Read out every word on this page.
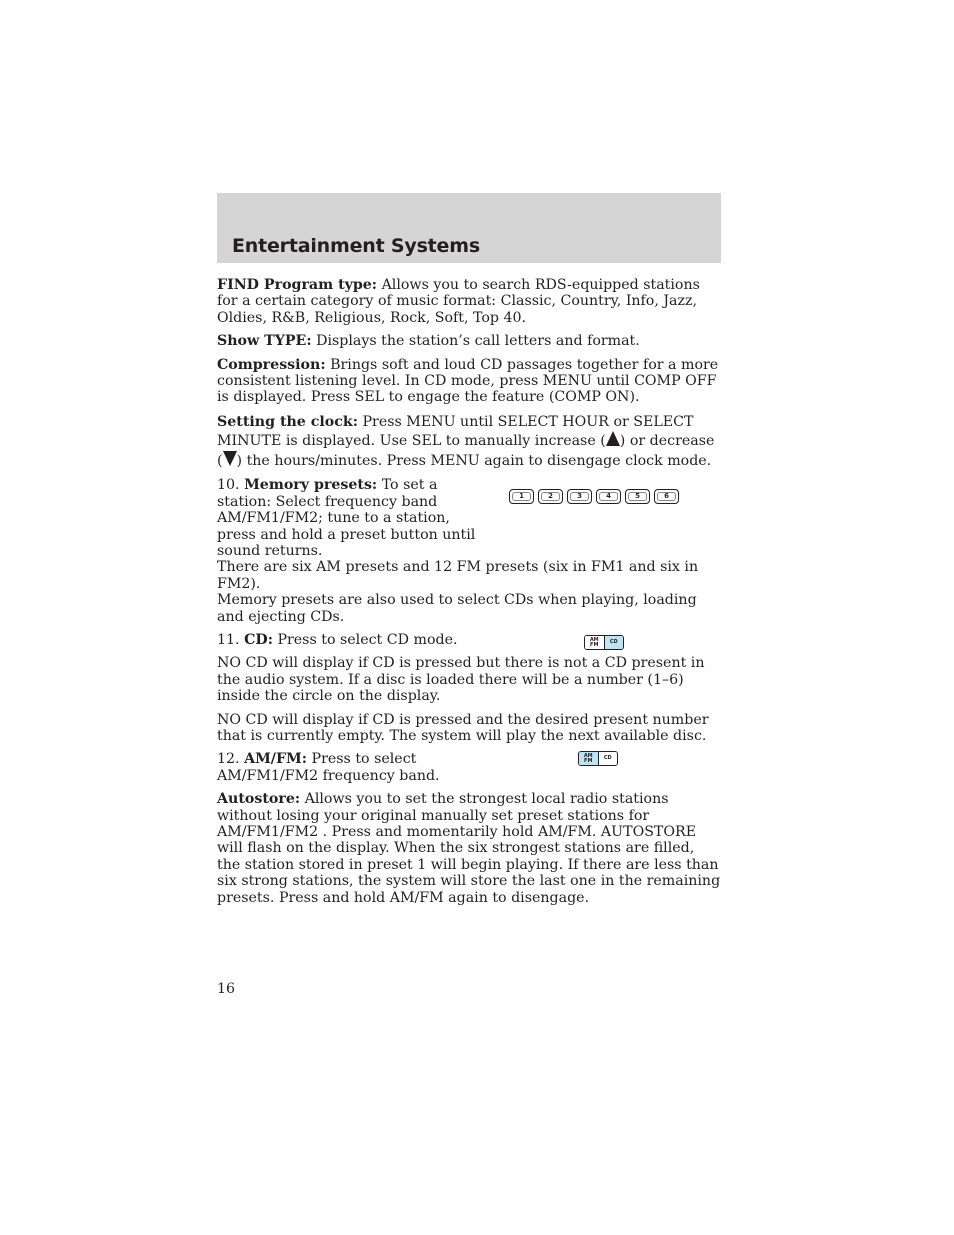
Entertainment Systems

FIND Program type: Allows you to search RDS-equipped stations for a certain category of music format: Classic, Country, Info, Jazz, Oldies, R&B, Religious, Rock, Soft, Top 40.

Show TYPE: Displays the station’s call letters and format.

Compression: Brings soft and loud CD passages together for a more consistent listening level. In CD mode, press MENU until COMP OFF is displayed. Press SEL to engage the feature (COMP ON).

Setting the clock: Press MENU until SELECT HOUR or SELECT MINUTE is displayed. Use SEL to manually increase ( ) or decrease ( ) the hours/minutes. Press MENU again to disengage clock mode.

10. Memory presets: To set a station: Select frequency band AM/FM1/FM2; tune to a station, press and hold a preset button until sound returns.

1	2	3	4	5	6

There are six AM presets and 12 FM presets (six in FM1 and six in FM2).

Memory presets are also used to select CDs when playing, loading and ejecting CDs.

11. CD: Press to select CD mode.	AM
FM	CD

NO CD will display if CD is pressed but there is not a CD present in the audio system. If a disc is loaded there will be a number (1–6) inside the circle on the display.

NO CD will display if CD is pressed and the desired present number that is currently empty. The system will play the next available disc.

12. AM/FM: Press to select AM/FM1/FM2 frequency band.

AM
FM	CD

Autostore: Allows you to set the strongest local radio stations without losing your original manually set preset stations for AM/FM1/FM2 . Press and momentarily hold AM/FM. AUTOSTORE will flash on the display. When the six strongest stations are filled, the station stored in preset 1 will begin playing. If there are less than six strong stations, the system will store the last one in the remaining presets. Press and hold AM/FM again to disengage.

16
